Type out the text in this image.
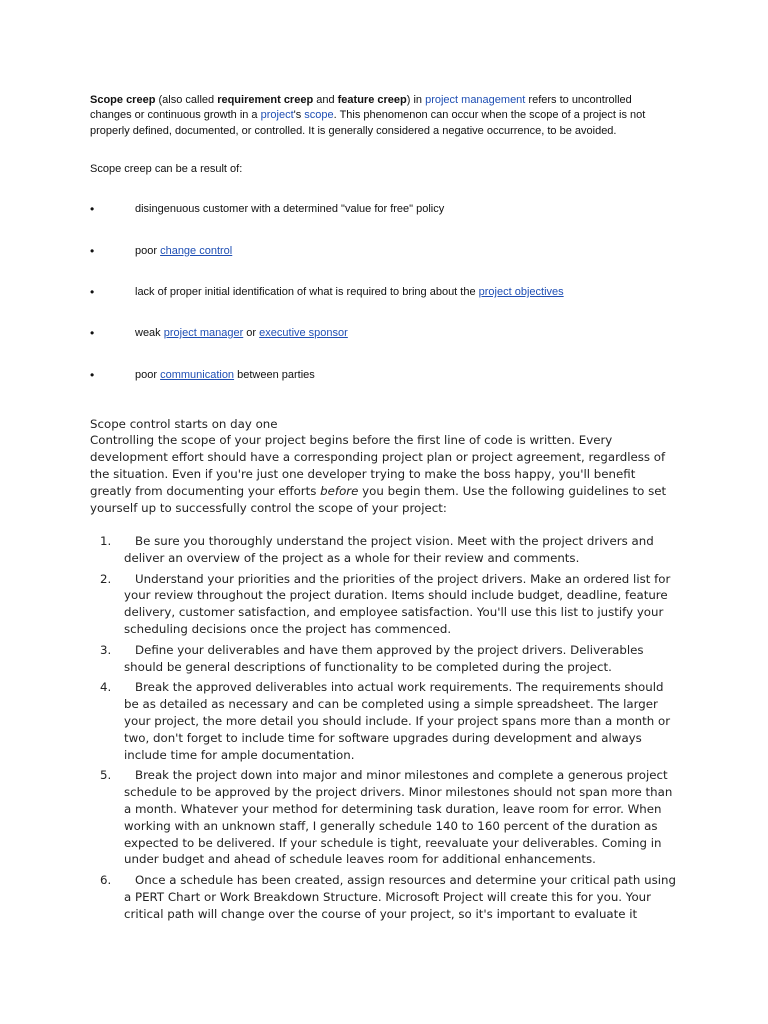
Scope creep (also called requirement creep and feature creep) in project management refers to uncontrolled changes or continuous growth in a project's scope. This phenomenon can occur when the scope of a project is not properly defined, documented, or controlled. It is generally considered a negative occurrence, to be avoided.

Scope creep can be a result of:

•	disingenuous customer with a determined "value for free" policy
•	poor change control
•	lack of proper initial identification of what is required to bring about the project objectives
•	weak project manager or executive sponsor
•	poor communication between parties

Scope control starts on day one

Controlling the scope of your project begins before the first line of code is written. Every development effort should have a corresponding project plan or project agreement, regardless of the situation. Even if you're just one developer trying to make the boss happy, you'll benefit greatly from documenting your efforts before you begin them. Use the following guidelines to set yourself up to successfully control the scope of your project:

1. Be sure you thoroughly understand the project vision. Meet with the project drivers and deliver an overview of the project as a whole for their review and comments.
2. Understand your priorities and the priorities of the project drivers. Make an ordered list for your review throughout the project duration. Items should include budget, deadline, feature delivery, customer satisfaction, and employee satisfaction. You'll use this list to justify your scheduling decisions once the project has commenced.
3. Define your deliverables and have them approved by the project drivers. Deliverables should be general descriptions of functionality to be completed during the project.
4. Break the approved deliverables into actual work requirements. The requirements should be as detailed as necessary and can be completed using a simple spreadsheet. The larger your project, the more detail you should include. If your project spans more than a month or two, don't forget to include time for software upgrades during development and always include time for ample documentation.
5. Break the project down into major and minor milestones and complete a generous project schedule to be approved by the project drivers. Minor milestones should not span more than a month. Whatever your method for determining task duration, leave room for error. When working with an unknown staff, I generally schedule 140 to 160 percent of the duration as expected to be delivered. If your schedule is tight, reevaluate your deliverables. Coming in under budget and ahead of schedule leaves room for additional enhancements.
6. Once a schedule has been created, assign resources and determine your critical path using a PERT Chart or Work Breakdown Structure. Microsoft Project will create this for you. Your critical path will change over the course of your project, so it's important to evaluate it
